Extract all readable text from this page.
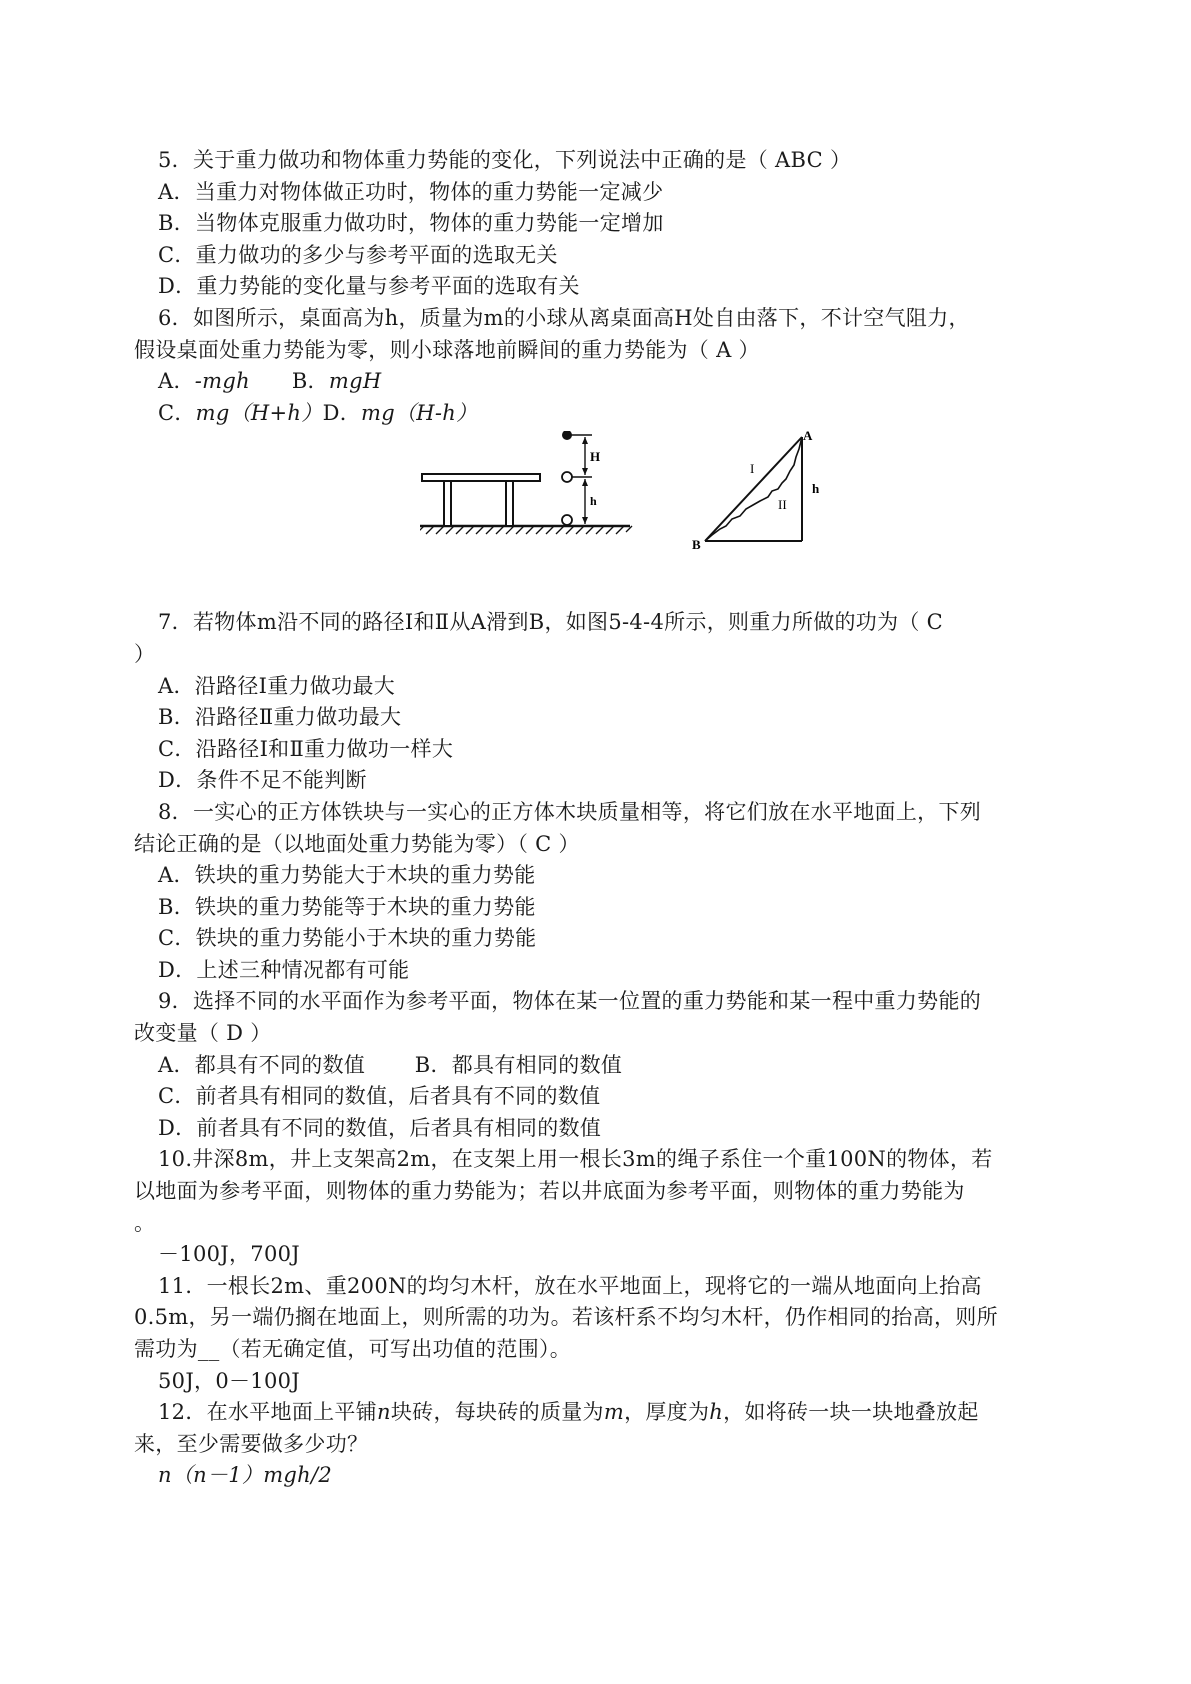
5．关于重力做功和物体重力势能的变化，下列说法中正确的是（ ABC ）
A．当重力对物体做正功时，物体的重力势能一定减少
B．当物体克服重力做功时，物体的重力势能一定增加
C．重力做功的多少与参考平面的选取无关
D．重力势能的变化量与参考平面的选取有关
6．如图所示，桌面高为h，质量为m的小球从离桌面高H处自由落下，不计空气阻力，
假设桌面处重力势能为零，则小球落地前瞬间的重力势能为（ A ）
A．-mgh B．mgH
C．mg（H+h）D．mg（H-h）
H
h
A
B
I
II
h
7．若物体m沿不同的路径Ⅰ和Ⅱ从A滑到B，如图5-4-4所示，则重力所做的功为（ C
）
A．沿路径Ⅰ重力做功最大
B．沿路径Ⅱ重力做功最大
C．沿路径Ⅰ和Ⅱ重力做功一样大
D．条件不足不能判断
8．一实心的正方体铁块与一实心的正方体木块质量相等，将它们放在水平地面上，下列
结论正确的是（以地面处重力势能为零）（ C ）
A．铁块的重力势能大于木块的重力势能
B．铁块的重力势能等于木块的重力势能
C．铁块的重力势能小于木块的重力势能
D．上述三种情况都有可能
9．选择不同的水平面作为参考平面，物体在某一位置的重力势能和某一程中重力势能的
改变量（ D ）
A．都具有不同的数值　　 B．都具有相同的数值
C．前者具有相同的数值，后者具有不同的数值
D．前者具有不同的数值，后者具有相同的数值
10.井深8m，井上支架高2m，在支架上用一根长3m的绳子系住一个重100N的物体，若
以地面为参考平面，则物体的重力势能为；若以井底面为参考平面，则物体的重力势能为
。
－100J，700J
11．一根长2m、重200N的均匀木杆，放在水平地面上，现将它的一端从地面向上抬高
0.5m，另一端仍搁在地面上，则所需的功为。若该杆系不均匀木杆，仍作相同的抬高，则所
需功为__（若无确定值，可写出功值的范围）。
50J，0－100J
12．在水平地面上平铺n块砖，每块砖的质量为m，厚度为h，如将砖一块一块地叠放起
来，至少需要做多少功？
n（n－1）mgh/2
